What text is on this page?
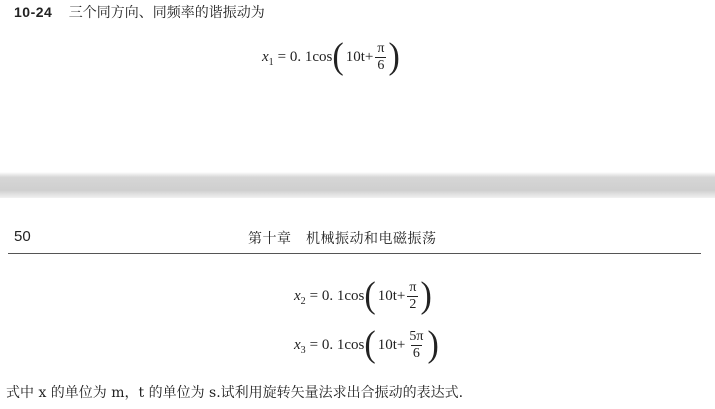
10-24 三个同方向、同频率的谐振动为
x 1 = 0. 1cos ( $10t+ \frac{\pi}{6}$ )
50	第十章　机械振动和电磁振荡
x 2 = 0. 1cos ( $10t+ \frac{\pi}{2}$ )
x 3 = 0. 1cos ( $10t+ \frac{5\pi}{6}$ )
式中 x 的单位为 m，t 的单位为 s.试利用旋转矢量法求出合振动的表达式.
